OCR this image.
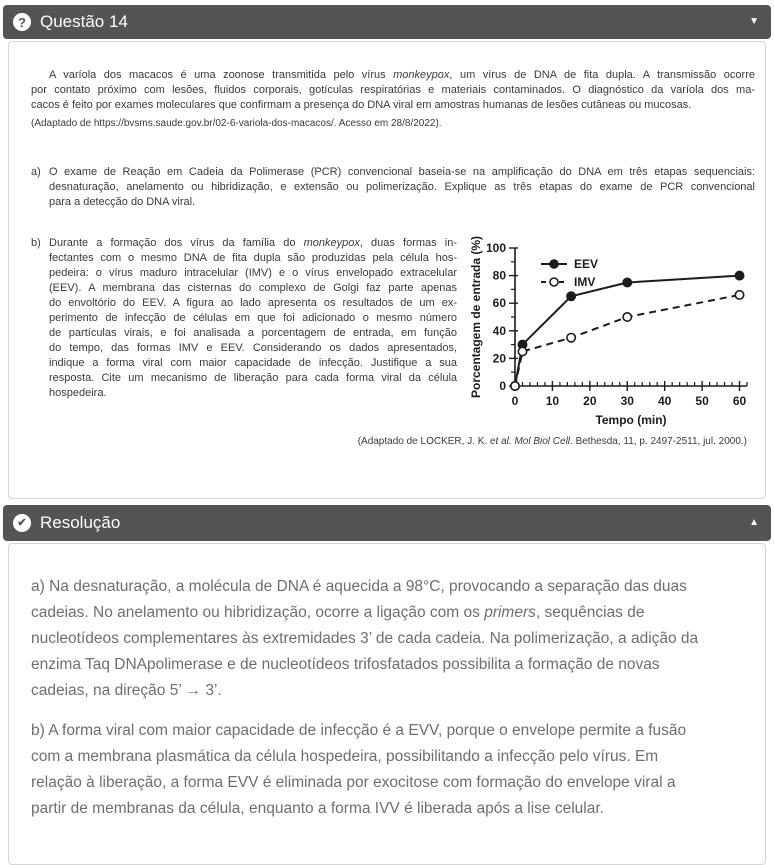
? Questão 14	▼
A varíola dos macacos é uma zoonose transmitida pelo vírus monkeypox, um vírus de DNA de fita dupla. A transmissão ocorre
por contato próximo com lesões, fluidos corporais, gotículas respiratórias e materiais contaminados. O diagnóstico da varíola dos ma-
cacos é feito por exames moleculares que confirmam a presença do DNA viral em amostras humanas de lesões cutâneas ou mucosas.

(Adaptado de https://bvsms.saude.gov.br/02-6-variola-dos-macacos/. Acesso em 28/8/2022).

a) O exame de Reação em Cadeia da Polimerase (PCR) convencional baseia-se na amplificação do DNA em três etapas sequenciais:
desnaturação, anelamento ou hibridização, e extensão ou polimerização. Explique as três etapas do exame de PCR convencional
para a detecção do DNA viral.
b) Durante a formação dos vírus da família do monkeypox, duas formas in-
fectantes com o mesmo DNA de fita dupla são produzidas pela célula hos-
pedeira: o vírus maduro intracelular (IMV) e o vírus envelopado extracelular
(EEV). A membrana das cisternas do complexo de Golgi faz parte apenas
do envoltório do EEV. A figura ao lado apresenta os resultados de um ex-
perimento de infecção de células em que foi adicionado o mesmo número
de partículas virais, e foi analisada a porcentagem de entrada, em função
do tempo, das formas IMV e EEV. Considerando os dados apresentados,
indique a forma viral com maior capacidade de infecção. Justifique a sua
resposta. Cite um mecanismo de liberação para cada forma viral da célula
hospedeira.	0
20
40
60
80
100
0 10 20 30 40 50 60
EEV
IMV
Tempo (min)
Porcentagem de entrada (%)

(Adaptado de LOCKER, J. K. et al. Mol Biol Cell. Bethesda, 11, p. 2497-2511, jul. 2000.)

✔ Resolução	▲

a) Na desnaturação, a molécula de DNA é aquecida a 98°C, provocando a separação das duas cadeias. No anelamento ou hibridização, ocorre a ligação com os primers, sequências de nucleotídeos complementares às extremidades 3’ de cada cadeia. Na polimerização, a adição da enzima Taq DNApolimerase e de nucleotídeos trifosfatados possibilita a formação de novas cadeias, na direção 5’ → 3’.

b) A forma viral com maior capacidade de infecção é a EVV, porque o envelope permite a fusão com a membrana plasmática da célula hospedeira, possibilitando a infecção pelo vírus. Em relação à liberação, a forma EVV é eliminada por exocitose com formação do envelope viral a partir de membranas da célula, enquanto a forma IVV é liberada após a lise celular.
